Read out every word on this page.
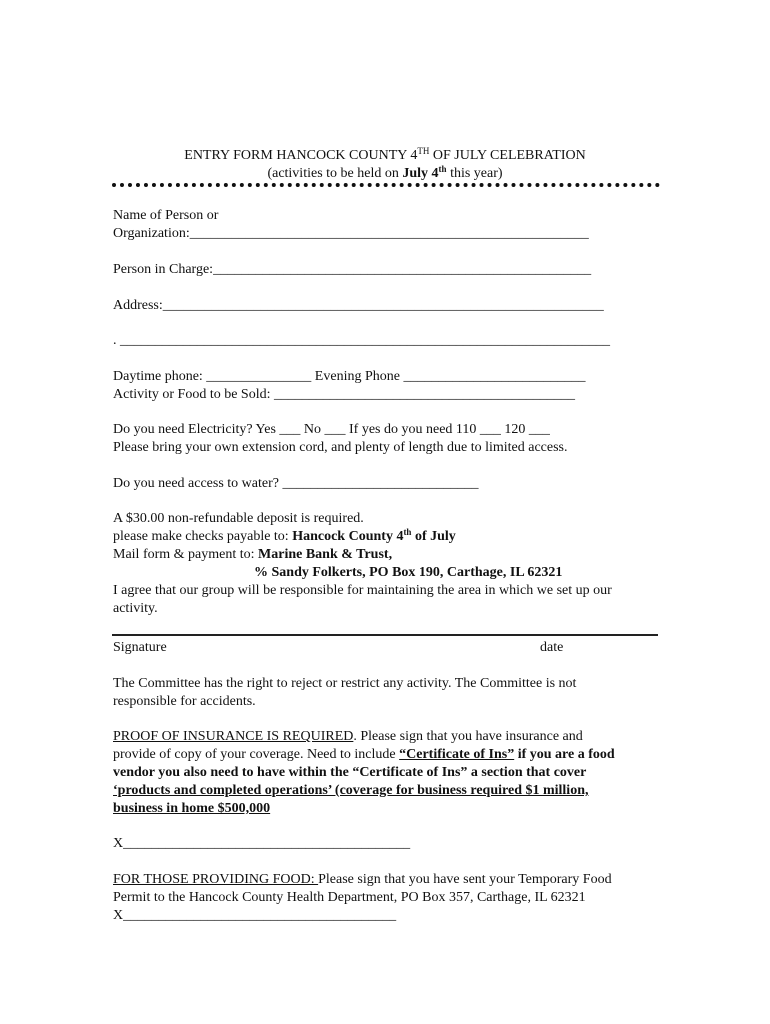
ENTRY FORM HANCOCK COUNTY 4TH OF JULY CELEBRATION
(activities to be held on July 4th this year)
Name of Person or
Organization:_________________________________________________________
Person in Charge:______________________________________________________
Address:_______________________________________________________________
. ______________________________________________________________________
Daytime phone: _______________ Evening Phone __________________________
Activity or Food to be Sold: ___________________________________________
Do you need Electricity? Yes ___ No ___ If yes do you need 110 ___ 120 ___
Please bring your own extension cord, and plenty of length due to limited access.
Do you need access to water? ____________________________
A $30.00 non-refundable deposit is required.
please make checks payable to: Hancock County 4th of July
Mail form & payment to: Marine Bank & Trust,
% Sandy Folkerts, PO Box 190, Carthage, IL 62321
I agree that our group will be responsible for maintaining the area in which we set up our
activity.
Signature	date
The Committee has the right to reject or restrict any activity. The Committee is not
responsible for accidents.
PROOF OF INSURANCE IS REQUIRED. Please sign that you have insurance and
provide of copy of your coverage. Need to include “Certificate of Ins” if you are a food
vendor you also need to have within the “Certificate of Ins” a section that cover
‘products and completed operations’ (coverage for business required $1 million,
business in home $500,000
X_________________________________________
FOR THOSE PROVIDING FOOD: Please sign that you have sent your Temporary Food
Permit to the Hancock County Health Department, PO Box 357, Carthage, IL 62321
X_______________________________________
